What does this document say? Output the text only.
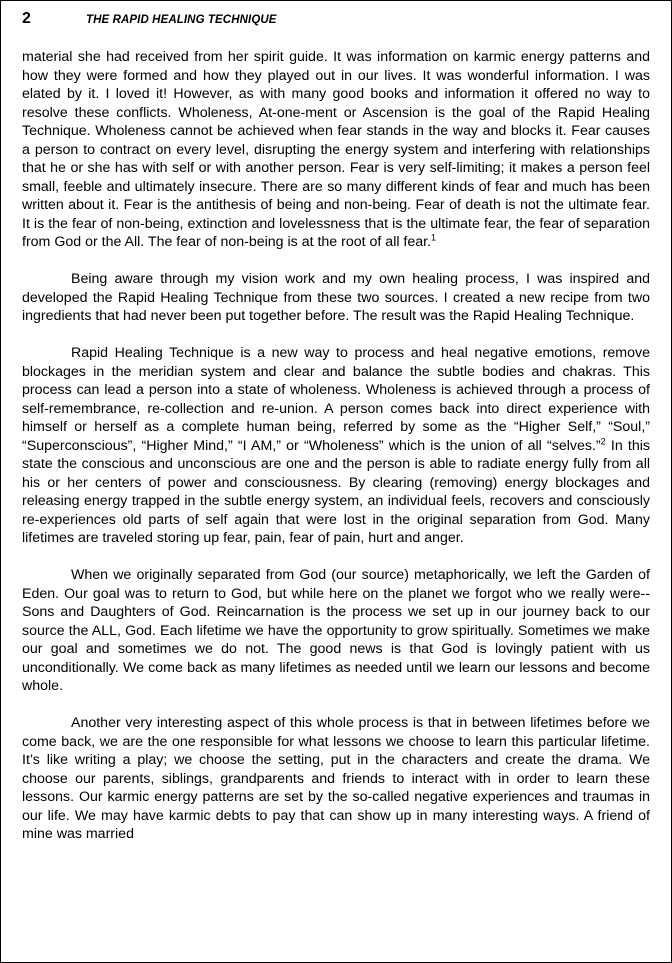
2	THE RAPID HEALING TECHNIQUE

material she had received from her spirit guide. It was information on karmic energy patterns and how they were formed and how they played out in our lives. It was wonderful information. I was elated by it. I loved it! However, as with many good books and information it offered no way to resolve these conflicts. Wholeness, At-one-ment or Ascension is the goal of the Rapid Healing Technique. Wholeness cannot be achieved when fear stands in the way and blocks it. Fear causes a person to contract on every level, disrupting the energy system and interfering with relationships that he or she has with self or with another person. Fear is very self-limiting; it makes a person feel small, feeble and ultimately insecure. There are so many different kinds of fear and much has been written about it. Fear is the antithesis of being and non-being. Fear of death is not the ultimate fear. It is the fear of non-being, extinction and lovelessness that is the ultimate fear, the fear of separation from God or the All. The fear of non-being is at the root of all fear.$^1$

Being aware through my vision work and my own healing process, I was inspired and developed the Rapid Healing Technique from these two sources. I created a new recipe from two ingredients that had never been put together before. The result was the Rapid Healing Technique.

Rapid Healing Technique is a new way to process and heal negative emotions, remove blockages in the meridian system and clear and balance the subtle bodies and chakras. This process can lead a person into a state of wholeness. Wholeness is achieved through a process of self-remembrance, re-collection and re-union. A person comes back into direct experience with himself or herself as a complete human being, referred by some as the “Higher Self,” “Soul,” “Superconscious”, “Higher Mind,” “I AM,” or “Wholeness” which is the union of all “selves.”$^2$ In this state the conscious and unconscious are one and the person is able to radiate energy fully from all his or her centers of power and consciousness. By clearing (removing) energy blockages and releasing energy trapped in the subtle energy system, an individual feels, recovers and consciously re-experiences old parts of self again that were lost in the original separation from God. Many lifetimes are traveled storing up fear, pain, fear of pain, hurt and anger.

When we originally separated from God (our source) metaphorically, we left the Garden of Eden. Our goal was to return to God, but while here on the planet we forgot who we really were--Sons and Daughters of God. Reincarnation is the process we set up in our journey back to our source the ALL, God. Each lifetime we have the opportunity to grow spiritually. Sometimes we make our goal and sometimes we do not. The good news is that God is lovingly patient with us unconditionally. We come back as many lifetimes as needed until we learn our lessons and become whole.

Another very interesting aspect of this whole process is that in between lifetimes before we come back, we are the one responsible for what lessons we choose to learn this particular lifetime. It’s like writing a play; we choose the setting, put in the characters and create the drama. We choose our parents, siblings, grandparents and friends to interact with in order to learn these lessons. Our karmic energy patterns are set by the so-called negative experiences and traumas in our life. We may have karmic debts to pay that can show up in many interesting ways. A friend of mine was married
